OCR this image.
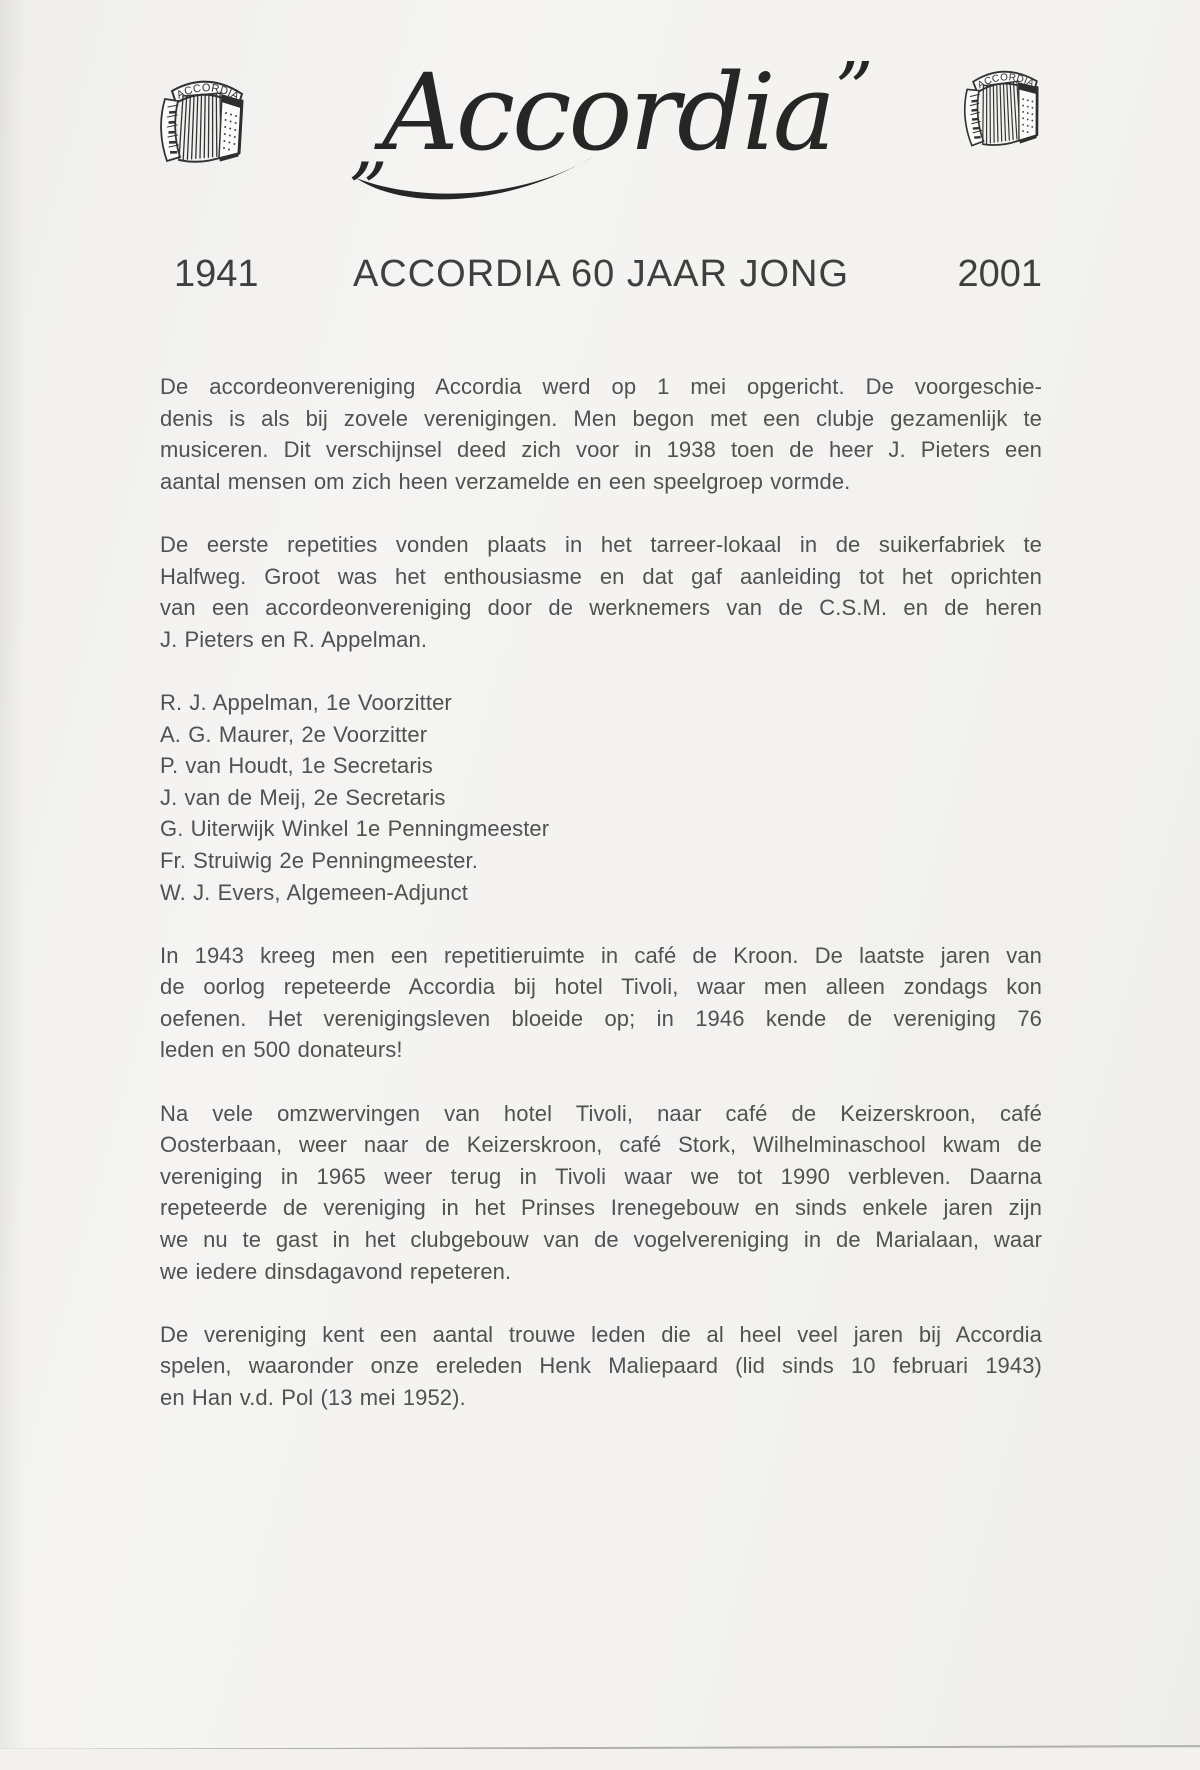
$_„$Accordia”
1941	ACCORDIA 60 JAAR JONG	2001
De accordeonvereniging Accordia werd op 1 mei opgericht. De voorgeschie-
denis is als bij zovele verenigingen. Men begon met een clubje gezamenlijk te
musiceren. Dit verschijnsel deed zich voor in 1938 toen de heer J. Pieters een
aantal mensen om zich heen verzamelde en een speelgroep vormde.
De eerste repetities vonden plaats in het tarreer-lokaal in de suikerfabriek te
Halfweg. Groot was het enthousiasme en dat gaf aanleiding tot het oprichten
van een accordeonvereniging door de werknemers van de C.S.M. en de heren
J. Pieters en R. Appelman.
R. J. Appelman, 1e Voorzitter
A. G. Maurer, 2e Voorzitter
P. van Houdt, 1e Secretaris
J. van de Meij, 2e Secretaris
G. Uiterwijk Winkel 1e Penningmeester
Fr. Struiwig 2e Penningmeester.
W. J. Evers, Algemeen-Adjunct
In 1943 kreeg men een repetitieruimte in café de Kroon. De laatste jaren van
de oorlog repeteerde Accordia bij hotel Tivoli, waar men alleen zondags kon
oefenen. Het verenigingsleven bloeide op; in 1946 kende de vereniging 76
leden en 500 donateurs!
Na vele omzwervingen van hotel Tivoli, naar café de Keizerskroon, café
Oosterbaan, weer naar de Keizerskroon, café Stork, Wilhelminaschool kwam de
vereniging in 1965 weer terug in Tivoli waar we tot 1990 verbleven. Daarna
repeteerde de vereniging in het Prinses Irenegebouw en sinds enkele jaren zijn
we nu te gast in het clubgebouw van de vogelvereniging in de Marialaan, waar
we iedere dinsdagavond repeteren.
De vereniging kent een aantal trouwe leden die al heel veel jaren bij Accordia
spelen, waaronder onze ereleden Henk Maliepaard (lid sinds 10 februari 1943)
en Han v.d. Pol (13 mei 1952).
